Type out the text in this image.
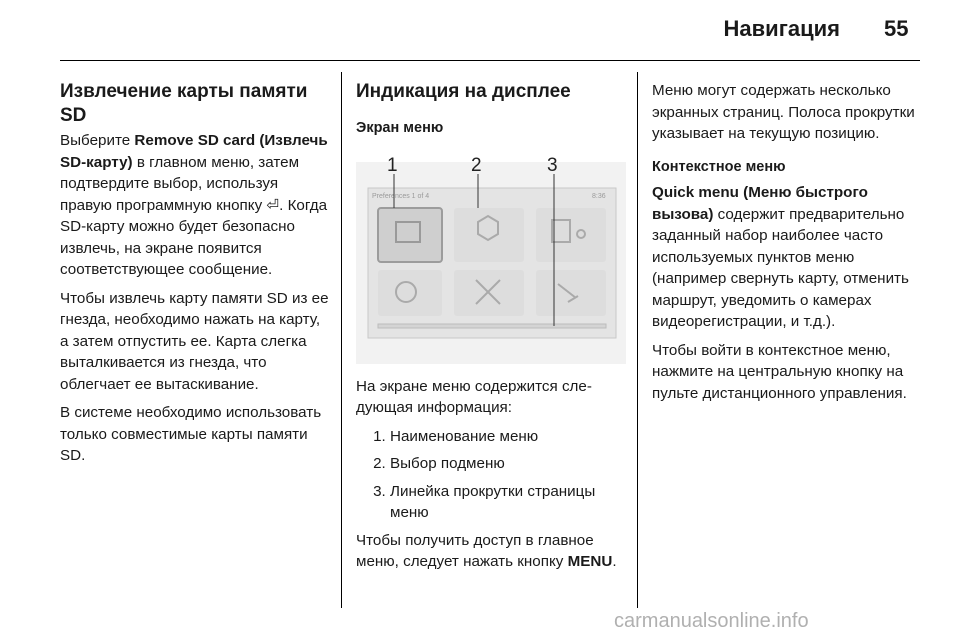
Навигация 55
Извлечение карты памяти SD

Выберите Remove SD card (Извлечь SD-карту) в главном меню, затем подтвердите выбор, используя правую программную кнопку ⏎. Когда SD-карту можно будет безопасно извлечь, на экране появится соответствующее сообщение.

Чтобы извлечь карту памяти SD из ее гнезда, необходимо нажать на карту, а затем отпустить ее. Карта слегка выталкивается из гнезда, что облегчает ее вытаскивание.

В системе необходимо использовать только совместимые карты памяти SD.

Индикация на дисплее
Экран меню
Preferences 1 of 4	8:36
1	2	3

На экране меню содержится следующая информация:

1. Наименование меню
2. Выбор подменю
3. Линейка прокрутки страницы меню

Чтобы получить доступ в главное меню, следует нажать кнопку MENU.

Меню могут содержать несколько экранных страниц. Полоса прокрутки указывает на текущую позицию.

Контекстное меню

Quick menu (Меню быстрого вызова) содержит предварительно заданный набор наиболее часто используемых пунктов меню (например свернуть карту, отменить маршрут, уведомить о камерах видеорегистрации, и т.д.).

Чтобы войти в контекстное меню, нажмите на центральную кнопку на пульте дистанционного управления.

carmanualsonline.info
